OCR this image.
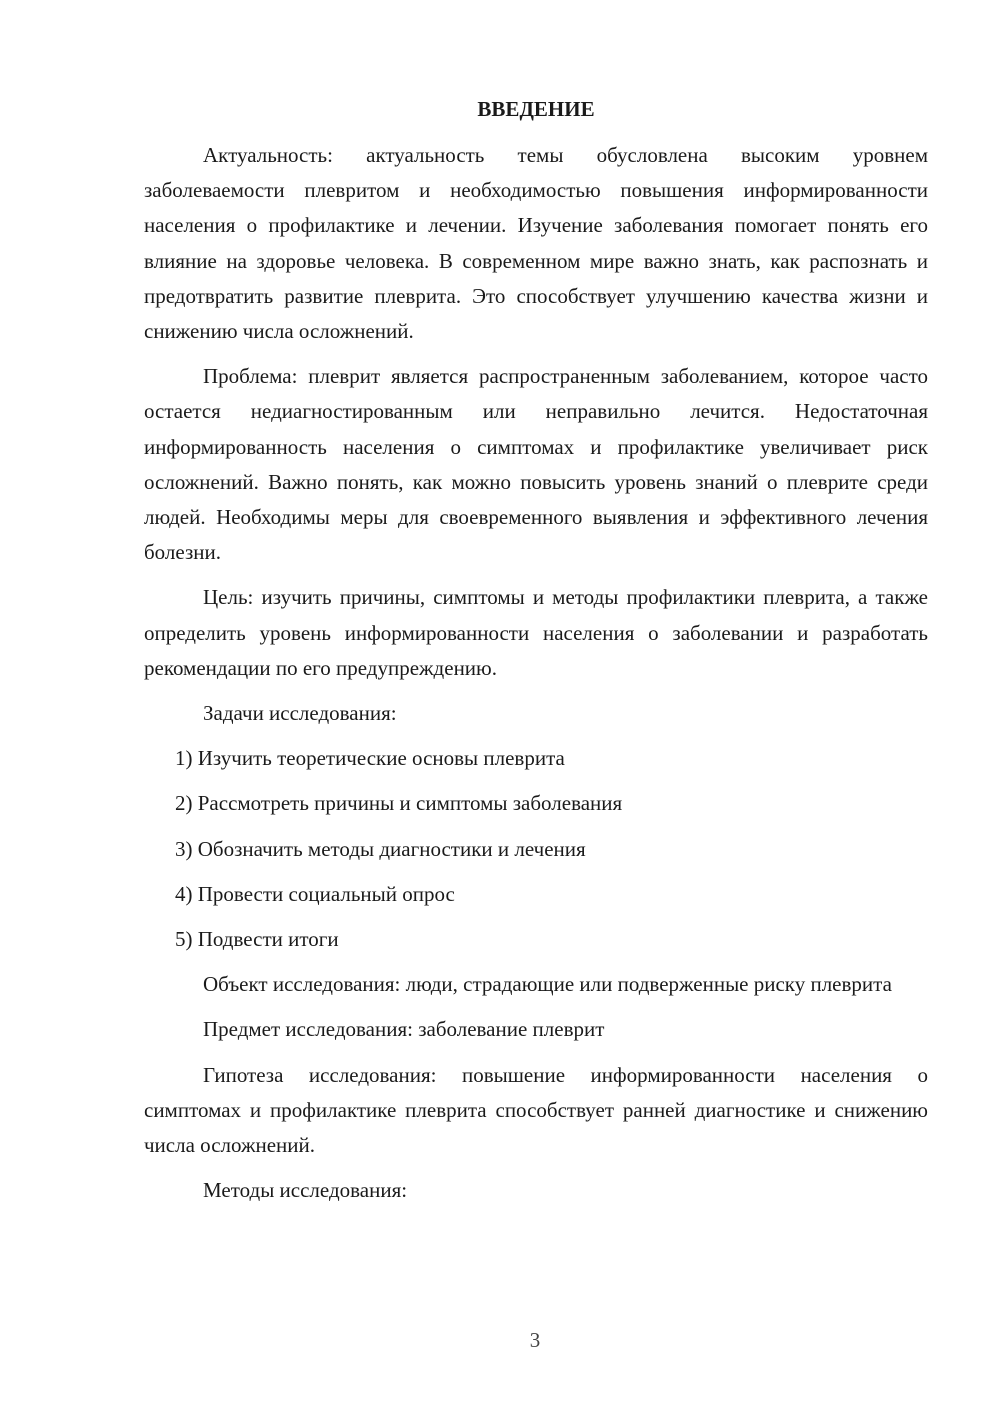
ВВЕДЕНИЕ

Актуальность: актуальность темы обусловлена высоким уровнем заболеваемости плевритом и необходимостью повышения информированности населения о профилактике и лечении. Изучение заболевания помогает понять его влияние на здоровье человека. В современном мире важно знать, как распознать и предотвратить развитие плеврита. Это способствует улучшению качества жизни и снижению числа осложнений.

Проблема: плеврит является распространенным заболеванием, которое часто остается недиагностированным или неправильно лечится. Недостаточная информированность населения о симптомах и профилактике увеличивает риск осложнений. Важно понять, как можно повысить уровень знаний о плеврите среди людей. Необходимы меры для своевременного выявления и эффективного лечения болезни.

Цель: изучить причины, симптомы и методы профилактики плеврита, а также определить уровень информированности населения о заболевании и разработать рекомендации по его предупреждению.

Задачи исследования:
1) Изучить теоретические основы плеврита
2) Рассмотреть причины и симптомы заболевания
3) Обозначить методы диагностики и лечения
4) Провести социальный опрос
5) Подвести итоги

Объект исследования: люди, страдающие или подверженные риску плеврита

Предмет исследования: заболевание плеврит

Гипотеза исследования: повышение информированности населения о симптомах и профилактике плеврита способствует ранней диагностике и снижению числа осложнений.

Методы исследования:
3
